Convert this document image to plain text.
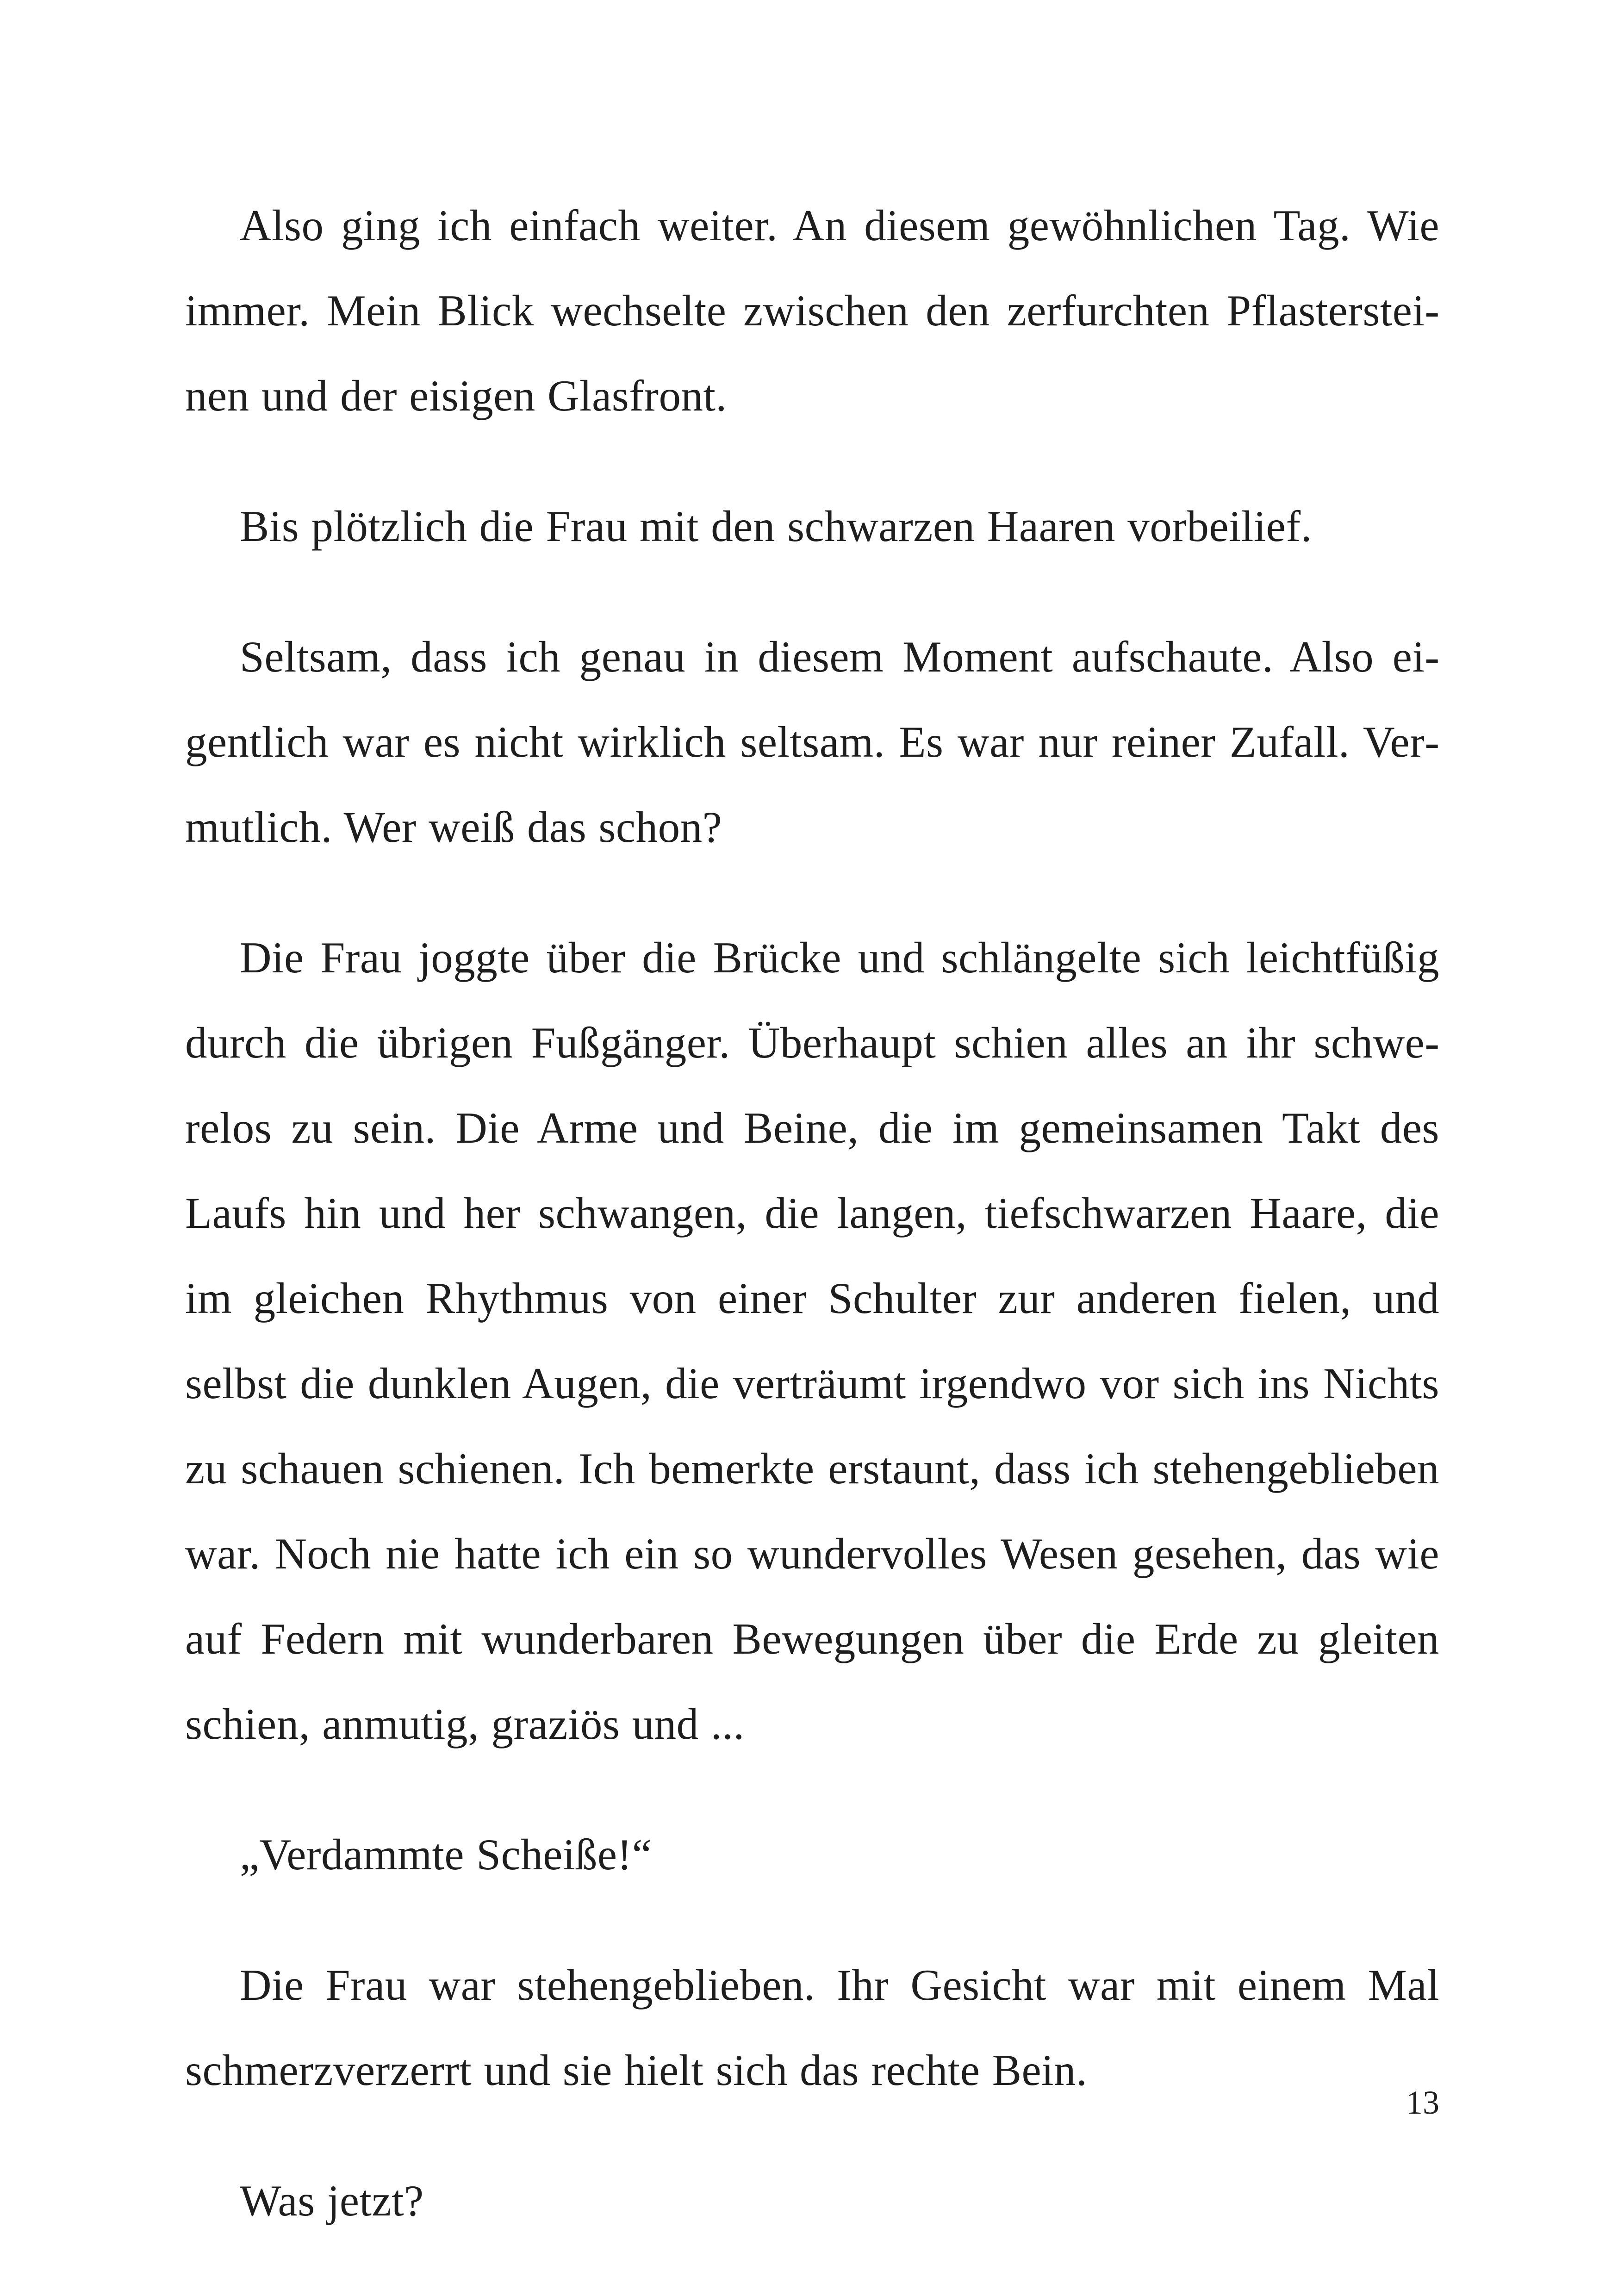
Also ging ich einfach weiter. An diesem gewöhnlichen Tag. Wie immer. Mein Blick wechselte zwischen den zerfurchten Pflastersteinen und der eisigen Glasfront.

Bis plötzlich die Frau mit den schwarzen Haaren vorbeilief.

Seltsam, dass ich genau in diesem Moment aufschaute. Also eigentlich war es nicht wirklich seltsam. Es war nur reiner Zufall. Vermutlich. Wer weiß das schon?

Die Frau joggte über die Brücke und schlängelte sich leichtfüßig durch die übrigen Fußgänger. Überhaupt schien alles an ihr schwerelos zu sein. Die Arme und Beine, die im gemeinsamen Takt des Laufs hin und her schwangen, die langen, tiefschwarzen Haare, die im gleichen Rhythmus von einer Schulter zur anderen fielen, und selbst die dunklen Augen, die verträumt irgendwo vor sich ins Nichts zu schauen schienen. Ich bemerkte erstaunt, dass ich stehengeblieben war. Noch nie hatte ich ein so wundervolles Wesen gesehen, das wie auf Federn mit wunderbaren Bewegungen über die Erde zu gleiten schien, anmutig, graziös und ...

„Verdammte Scheiße!“

Die Frau war stehengeblieben. Ihr Gesicht war mit einem Mal schmerzverzerrt und sie hielt sich das rechte Bein.

Was jetzt?

13
